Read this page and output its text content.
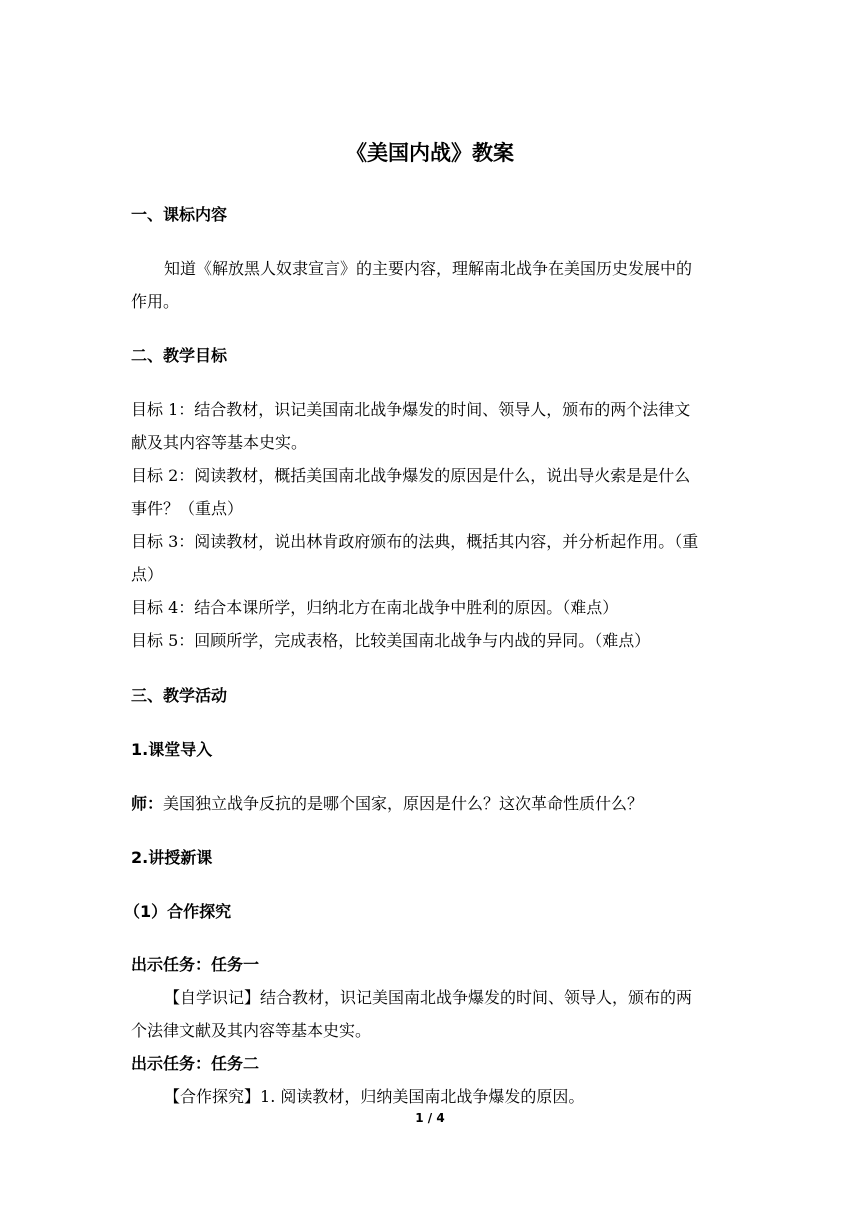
《美国内战》教案
一、课标内容
知道《解放黑人奴隶宣言》的主要内容，理解南北战争在美国历史发展中的
作用。
二、教学目标
目标 1：结合教材，识记美国南北战争爆发的时间、领导人，颁布的两个法律文
献及其内容等基本史实。
目标 2：阅读教材，概括美国南北战争爆发的原因是什么，说出导火索是是什么
事件？（重点）
目标 3：阅读教材，说出林肯政府颁布的法典，概括其内容，并分析起作用。（重
点）
目标 4：结合本课所学，归纳北方在南北战争中胜利的原因。（难点）
目标 5：回顾所学，完成表格，比较美国南北战争与内战的异同。（难点）
三、教学活动
1.课堂导入
师：美国独立战争反抗的是哪个国家，原因是什么？这次革命性质什么？
2.讲授新课
（1）合作探究
出示任务：任务一
【自学识记】结合教材，识记美国南北战争爆发的时间、领导人，颁布的两
个法律文献及其内容等基本史实。
出示任务：任务二
【合作探究】1. 阅读教材，归纳美国南北战争爆发的原因。
1 / 4
